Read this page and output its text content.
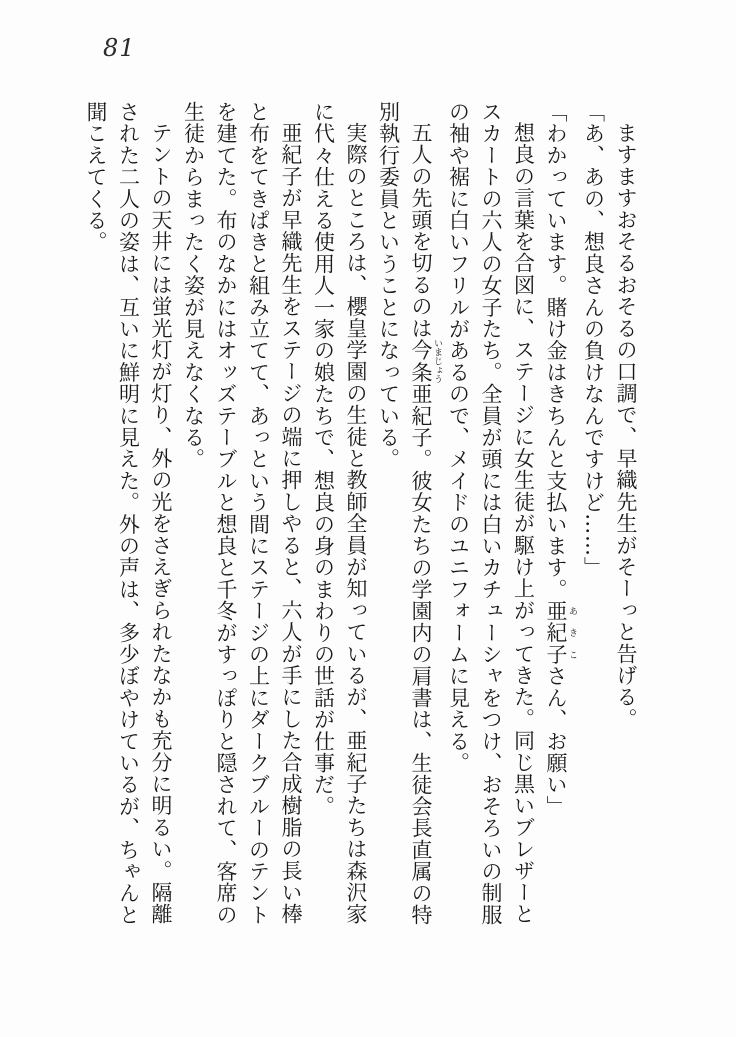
81

ますますおそるおそるの口調で、早織先生がそーっと告げる。

「あ、あの、想良さんの負けなんですけど……」

「わかっています。賭け金はきちんと支払います。亜紀子 あきこさん、お願い」

想良の言葉を合図に、ステージに女生徒が駆け上がってきた。同じ黒いブレザーとスカートの六人の女子たち。全員が頭には白いカチューシャをつけ、おそろいの制服の袖や裾に白いフリルがあるので、メイドのユニフォームに見える。

五人の先頭を切るのは今条 いまじょう亜紀子。彼女たちの学園内の肩書は、生徒会長直属の特別執行委員ということになっている。

実際のところは、櫻皇学園の生徒と教師全員が知っているが、亜紀子たちは森沢家に代々仕える使用人一家の娘たちで、想良の身のまわりの世話が仕事だ。

亜紀子が早織先生をステージの端に押しやると、六人が手にした合成樹脂の長い棒と布をてきぱきと組み立てて、あっという間にステージの上にダークブルーのテントを建てた。布のなかにはオッズテーブルと想良と千冬がすっぽりと隠されて、客席の生徒からまったく姿が見えなくなる。

テントの天井には蛍光灯が灯り、外の光をさえぎられたなかも充分に明るい。隔離された二人の姿は、互いに鮮明に見えた。外の声は、多少ぼやけているが、ちゃんと聞こえてくる。
